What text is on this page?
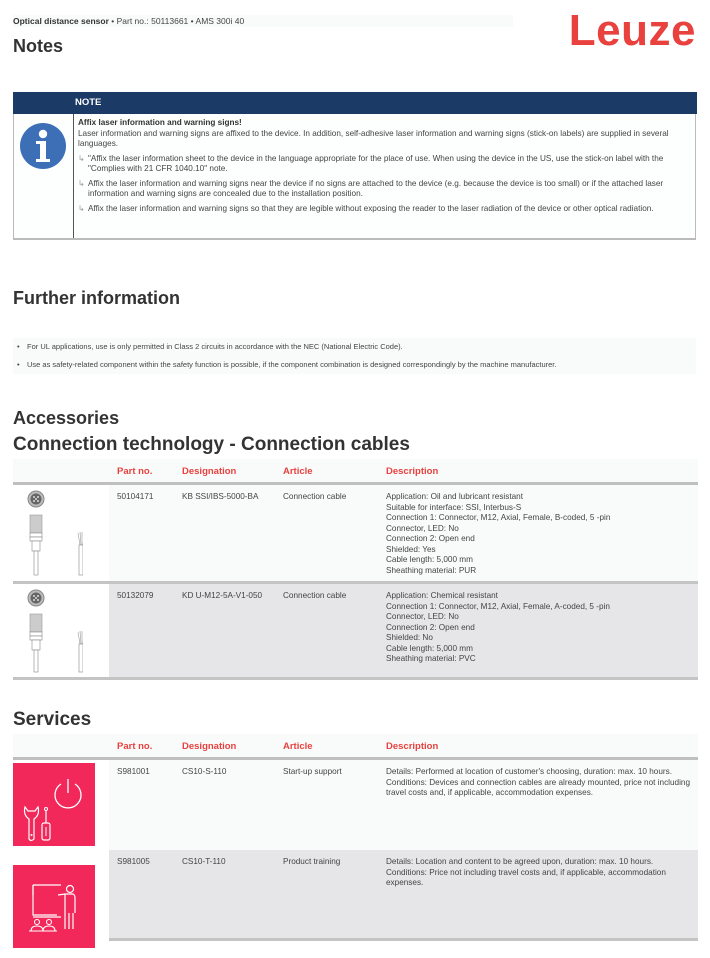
Optical distance sensor • Part no.: 50113661 • AMS 300i 40	Leuze
Notes
NOTE
Affix laser information and warning signs!
Laser information and warning signs are affixed to the device. In addition, self-adhesive laser information and warning signs (stick-on labels) are supplied in several languages.
↳ "Affix the laser information sheet to the device in the language appropriate for the place of use. When using the device in the US, use the stick-on label with the "Complies with 21 CFR 1040.10" note.
↳ Affix the laser information and warning signs near the device if no signs are attached to the device (e.g. because the device is too small) or if the attached laser information and warning signs are concealed due to the installation position.
↳ Affix the laser information and warning signs so that they are legible without exposing the reader to the laser radiation of the device or other optical radiation.
Further information
• For UL applications, use is only permitted in Class 2 circuits in accordance with the NEC (National Electric Code).
• Use as safety-related component within the safety function is possible, if the component combination is designed correspondingly by the machine manufacturer.
Accessories
Connection technology - Connection cables
Part no.	Designation	Article	Description
50104171	KB SSI/IBS-5000-BA	Connection cable	Application: Oil and lubricant resistant
Suitable for interface: SSI, Interbus-S
Connection 1: Connector, M12, Axial, Female, B-coded, 5 -pin
Connector, LED: No
Connection 2: Open end
Shielded: Yes
Cable length: 5,000 mm
Sheathing material: PUR
50132079	KD U-M12-5A-V1-050	Connection cable	Application: Chemical resistant
Connection 1: Connector, M12, Axial, Female, A-coded, 5 -pin
Connector, LED: No
Connection 2: Open end
Shielded: No
Cable length: 5,000 mm
Sheathing material: PVC
Services
Part no.	Designation	Article	Description
S981001	CS10-S-110	Start-up support	Details: Performed at location of customer's choosing, duration: max. 10 hours.
Conditions: Devices and connection cables are already mounted, price not including travel costs and, if applicable, accommodation expenses.
S981005	CS10-T-110	Product training	Details: Location and content to be agreed upon, duration: max. 10 hours.
Conditions: Price not including travel costs and, if applicable, accommodation expenses.
